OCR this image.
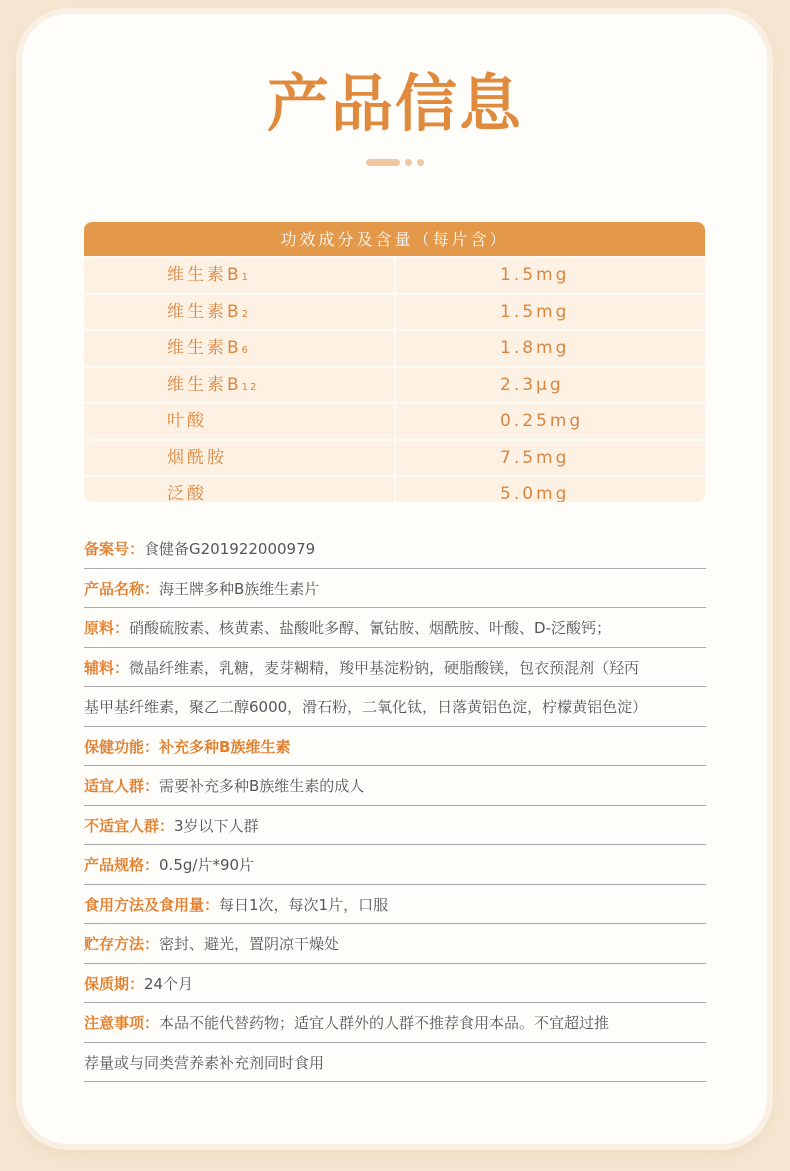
产品信息
功效成分及含量（每片含）
维生素B1	1.5mg
维生素B2	1.5mg
维生素B6	1.8mg
维生素B12	2.3μg
叶酸	0.25mg
烟酰胺	7.5mg
泛酸	5.0mg
备案号：食健备G201922000979
产品名称：海王牌多种B族维生素片
原料：硝酸硫胺素、核黄素、盐酸吡多醇、氰钴胺、烟酰胺、叶酸、D-泛酸钙；
辅料：微晶纤维素，乳糖，麦芽糊精，羧甲基淀粉钠，硬脂酸镁，包衣预混剂（羟丙
基甲基纤维素，聚乙二醇6000，滑石粉，二氧化钛，日落黄铝色淀，柠檬黄铝色淀）
保健功能：补充多种B族维生素
适宜人群：需要补充多种B族维生素的成人
不适宜人群：3岁以下人群
产品规格：0.5g/片*90片
食用方法及食用量：每日1次，每次1片，口服
贮存方法：密封、避光，置阴凉干燥处
保质期：24个月
注意事项：本品不能代替药物；适宜人群外的人群不推荐食用本品。不宜超过推
荐量或与同类营养素补充剂同时食用
